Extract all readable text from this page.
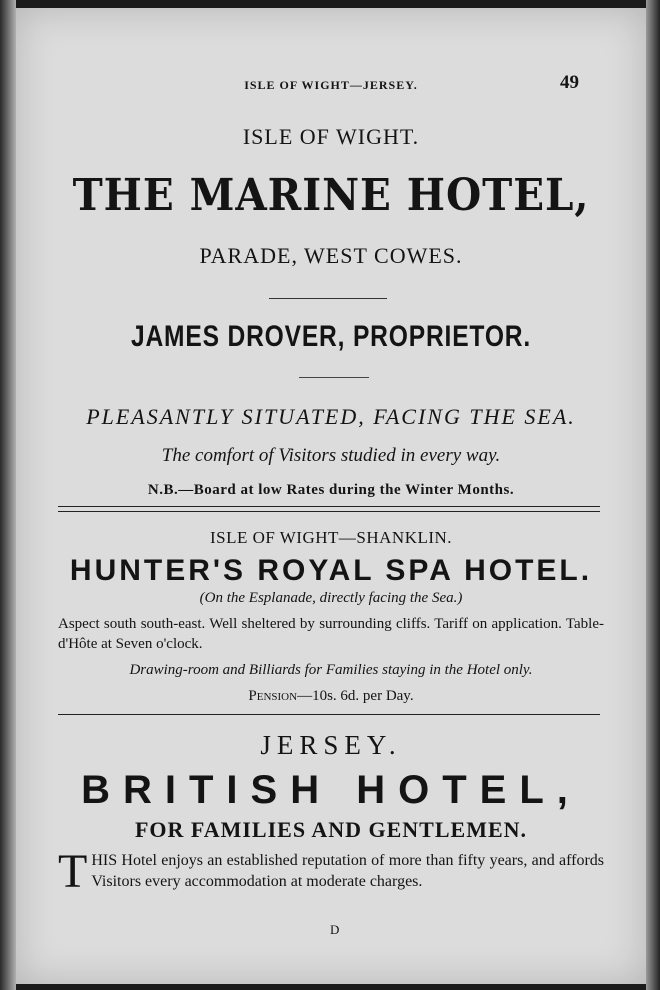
ISLE OF WIGHT—JERSEY.	49
ISLE OF WIGHT.
THE MARINE HOTEL,
PARADE, WEST COWES.
JAMES DROVER, PROPRIETOR.
PLEASANTLY SITUATED, FACING THE SEA.
The comfort of Visitors studied in every way.
N.B.—Board at low Rates during the Winter Months.
ISLE OF WIGHT—SHANKLIN.
HUNTER'S ROYAL SPA HOTEL.
(On the Esplanade, directly facing the Sea.)
Aspect south south-east. Well sheltered by surrounding cliffs. Tariff on application. Table-d'Hôte at Seven o'clock.
Drawing-room and Billiards for Families staying in the Hotel only.
Pension—10s. 6d. per Day.
JERSEY.
BRITISH HOTEL,
FOR FAMILIES AND GENTLEMEN.
THIS Hotel enjoys an established reputation of more than fifty years, and affords Visitors every accommodation at moderate charges.
D
